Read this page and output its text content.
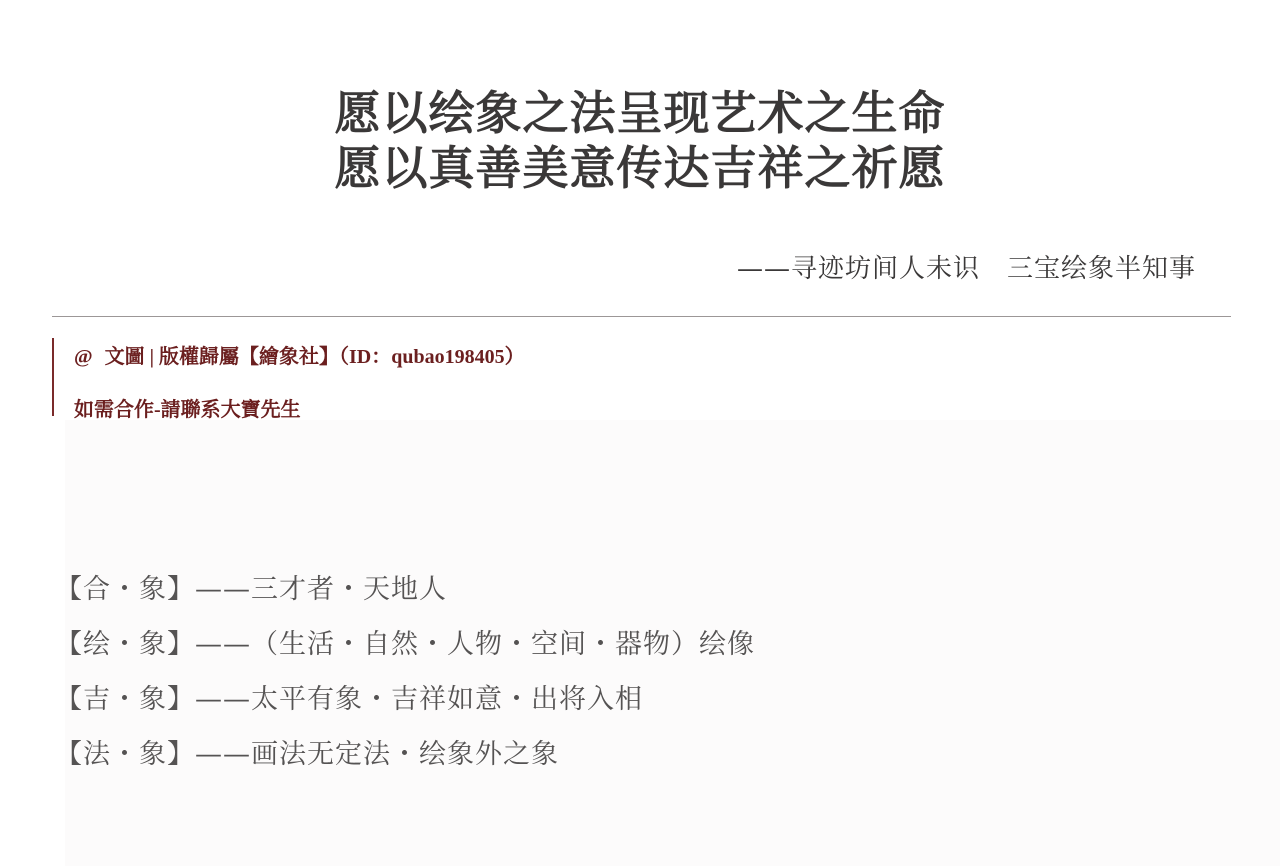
愿以绘象之法呈现艺术之生命
愿以真善美意传达吉祥之祈愿
——寻迹坊间人未识　三宝绘象半知事
@ 文圖 | 版權歸屬【繪象社】（ID：qubao198405）
如需合作-請聯系大寶先生
【合・象】——三才者・天地人
【绘・象】——（生活・自然・人物・空间・器物）绘像
【吉・象】——太平有象・吉祥如意・出将入相
【法・象】——画法无定法・绘象外之象
